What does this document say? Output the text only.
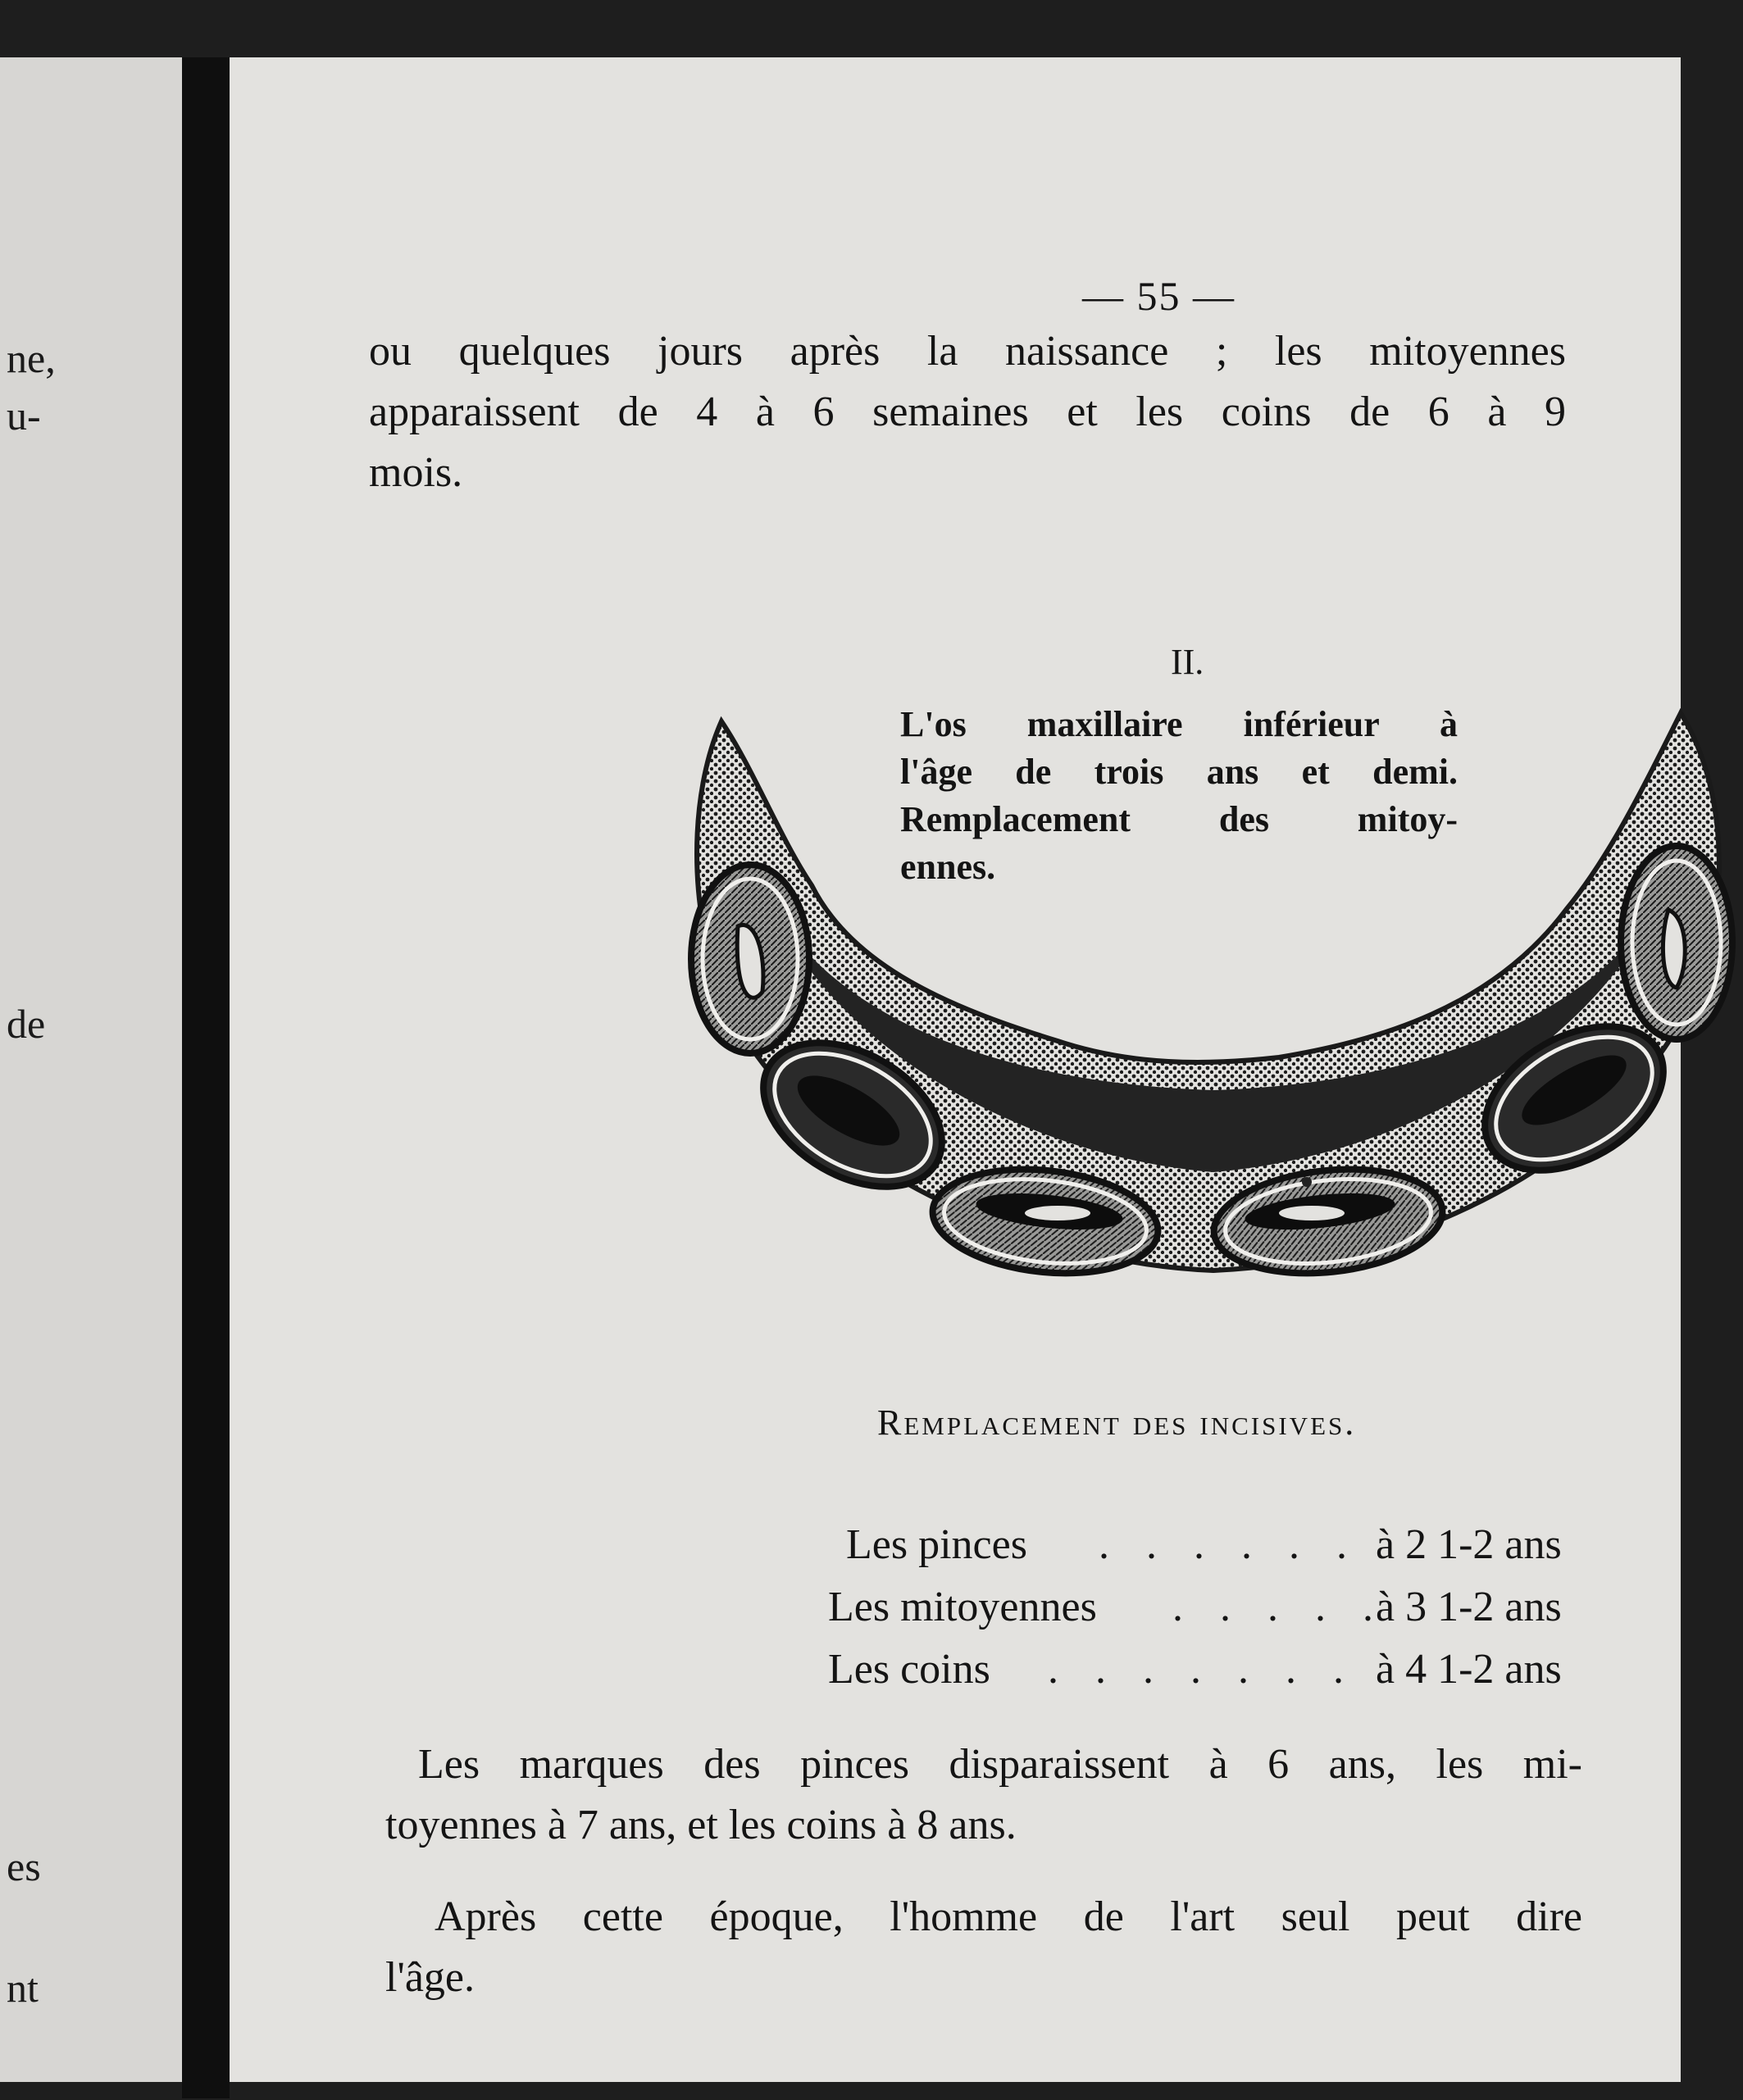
ne,
u-
de
es
nt
— 55 —
ou quelques jours après la naissance ; les mitoyennes
apparaissent de 4 à 6 semaines et les coins de 6 à 9
mois.
II.
L'os maxillaire inférieur à
l'âge de trois ans et demi.
Remplacement des mitoy-
ennes.
Remplacement des incisives.
Les pinces . . . . . . à 2 1-2 ans
Les mitoyennes . . . . .
à 3 1-2 ans
Les coins . . . . . . . à 4 1-2 ans
Les marques des pinces disparaissent à 6 ans, les mi-
toyennes à 7 ans, et les coins à 8 ans.
Après cette époque, l'homme de l'art seul peut dire
l'âge.
